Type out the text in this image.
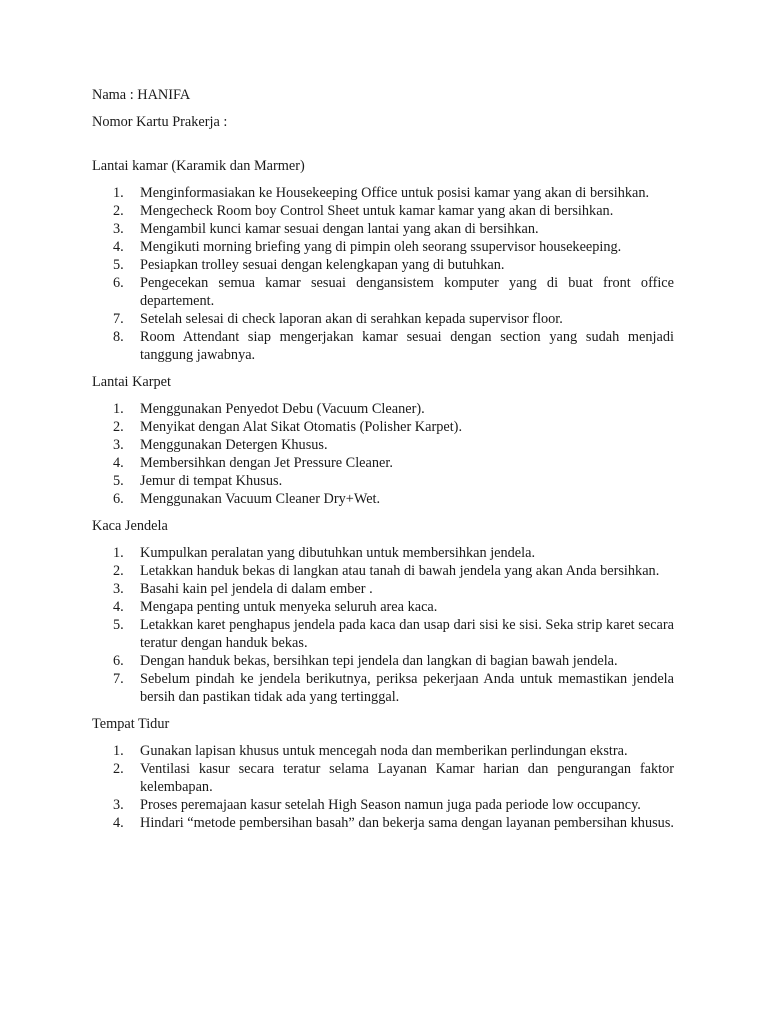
Nama : HANIFA

Nomor Kartu Prakerja :

Lantai kamar (Karamik dan Marmer)

1. Menginformasiakan ke Housekeeping Office untuk posisi kamar yang akan di bersihkan.
2. Mengecheck Room boy Control Sheet untuk kamar kamar yang akan di bersihkan.
3. Mengambil kunci kamar sesuai dengan lantai yang akan di bersihkan.
4. Mengikuti morning briefing yang di pimpin oleh seorang ssupervisor housekeeping.
5. Pesiapkan trolley sesuai dengan kelengkapan yang di butuhkan.
6. Pengecekan semua kamar sesuai dengansistem komputer yang di buat front office departement.
7. Setelah selesai di check laporan akan di serahkan kepada supervisor floor.
8. Room Attendant siap mengerjakan kamar sesuai dengan section yang sudah menjadi tanggung jawabnya.

Lantai Karpet

1. Menggunakan Penyedot Debu (Vacuum Cleaner).
2. Menyikat dengan Alat Sikat Otomatis (Polisher Karpet).
3. Menggunakan Detergen Khusus.
4. Membersihkan dengan Jet Pressure Cleaner.
5. Jemur di tempat Khusus.
6. Menggunakan Vacuum Cleaner Dry+Wet.

Kaca Jendela

1. Kumpulkan peralatan yang dibutuhkan untuk membersihkan jendela.
2. Letakkan handuk bekas di langkan atau tanah di bawah jendela yang akan Anda bersihkan.
3. Basahi kain pel jendela di dalam ember .
4. Mengapa penting untuk menyeka seluruh area kaca.
5. Letakkan karet penghapus jendela pada kaca dan usap dari sisi ke sisi. Seka strip karet secara teratur dengan handuk bekas.
6. Dengan handuk bekas, bersihkan tepi jendela dan langkan di bagian bawah jendela.
7. Sebelum pindah ke jendela berikutnya, periksa pekerjaan Anda untuk memastikan jendela bersih dan pastikan tidak ada yang tertinggal.

Tempat Tidur

1. Gunakan lapisan khusus untuk mencegah noda dan memberikan perlindungan ekstra.
2. Ventilasi kasur secara teratur selama Layanan Kamar harian dan pengurangan faktor kelembapan.
3. Proses peremajaan kasur setelah High Season namun juga pada periode low occupancy.
4. Hindari “metode pembersihan basah” dan bekerja sama dengan layanan pembersihan khusus.
